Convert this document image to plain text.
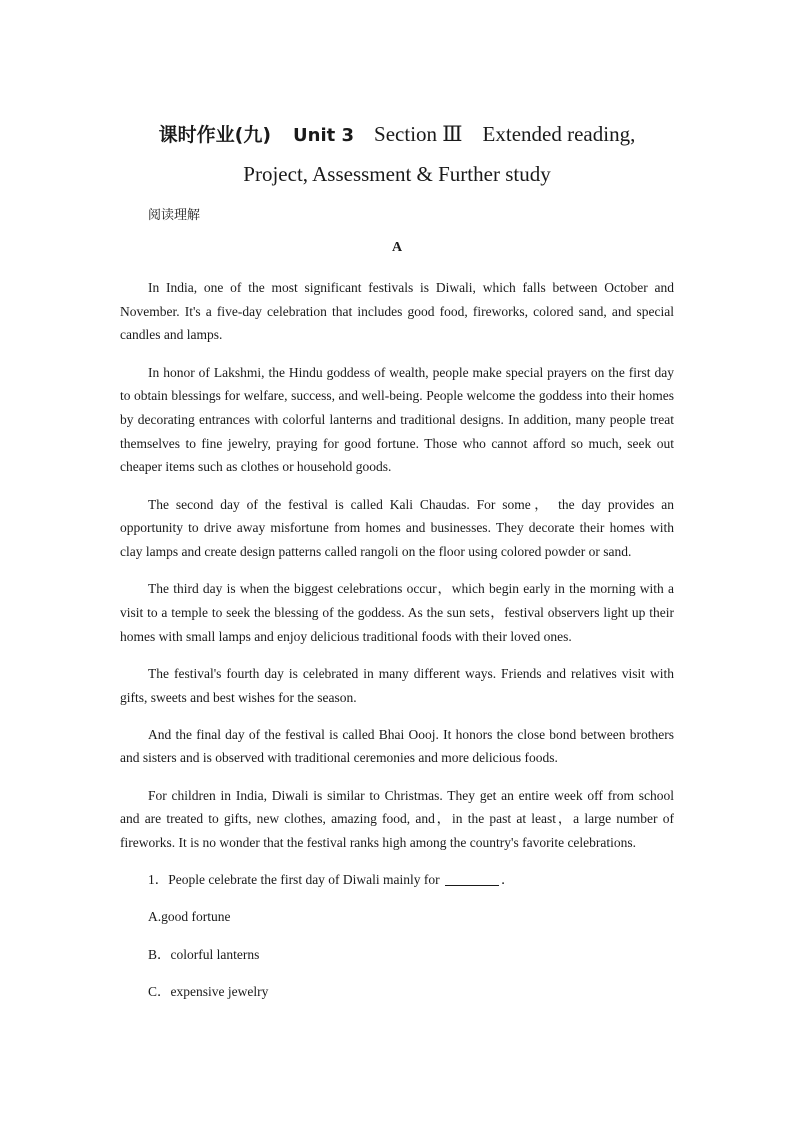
课时作业(九) Unit 3 Section Ⅲ Extended reading,
Project, Assessment & Further study
阅读理解
A

In India, one of the most significant festivals is Diwali, which falls between October and November. It's a five-day celebration that includes good food, fireworks, colored sand, and special candles and lamps.

In honor of Lakshmi, the Hindu goddess of wealth, people make special prayers on the first day to obtain blessings for welfare, success, and well-being. People welcome the goddess into their homes by decorating entrances with colorful lanterns and traditional designs. In addition, many people treat themselves to fine jewelry, praying for good fortune. Those who cannot afford so much, seek out cheaper items such as clothes or household goods.

The second day of the festival is called Kali Chaudas. For some， the day provides an opportunity to drive away misfortune from homes and businesses. They decorate their homes with clay lamps and create design patterns called rangoli on the floor using colored powder or sand.

The third day is when the biggest celebrations occur，which begin early in the morning with a visit to a temple to seek the blessing of the goddess. As the sun sets，festival observers light up their homes with small lamps and enjoy delicious traditional foods with their loved ones.

The festival's fourth day is celebrated in many different ways. Friends and relatives visit with gifts, sweets and best wishes for the season.

And the final day of the festival is called Bhai Oooj. It honors the close bond between brothers and sisters and is observed with traditional ceremonies and more delicious foods.

For children in India, Diwali is similar to Christmas. They get an entire week off from school and are treated to gifts, new clothes, amazing food, and，in the past at least，a large number of fireworks. It is no wonder that the festival ranks high among the country's favorite celebrations.

1．People celebrate the first day of Diwali mainly for	．

A.good fortune

B．colorful lanterns

C．expensive jewelry
